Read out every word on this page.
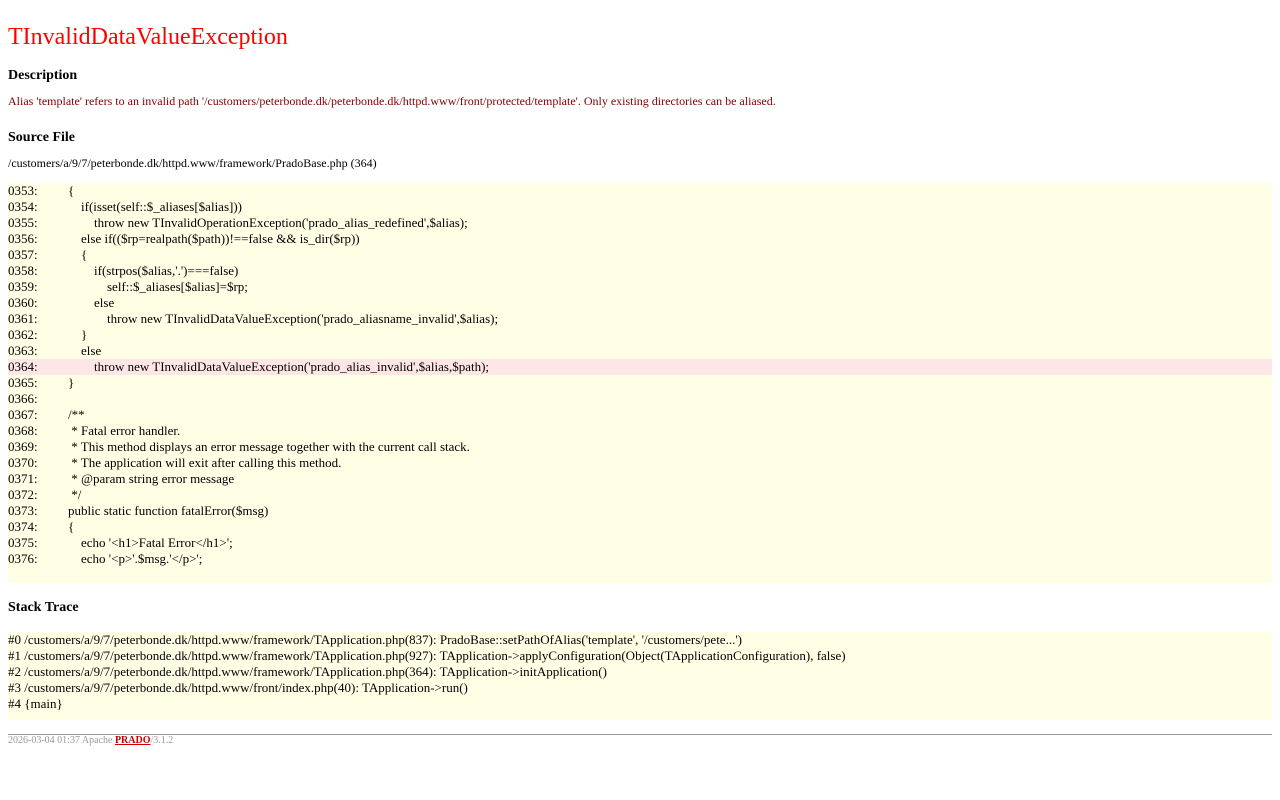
TInvalidDataValueException
Description
Alias 'template' refers to an invalid path '/customers/peterbonde.dk/peterbonde.dk/httpd.www/front/protected/template'. Only existing directories can be aliased.
Source File
/customers/a/9/7/peterbonde.dk/httpd.www/framework/PradoBase.php (364)
0353:    {
0354:        if(isset(self::$_aliases[$alias]))
0355:            throw new TInvalidOperationException('prado_alias_redefined',$alias);
0356:        else if(($rp=realpath($path))!==false && is_dir($rp))
0357:        {
0358:            if(strpos($alias,'.')===false)
0359:                self::$_aliases[$alias]=$rp;
0360:            else
0361:                throw new TInvalidDataValueException('prado_aliasname_invalid',$alias);
0362:        }
0363:        else
0364:            throw new TInvalidDataValueException('prado_alias_invalid',$alias,$path);
0365:    }
0366:
0367:    /**
0368:     * Fatal error handler.
0369:     * This method displays an error message together with the current call stack.
0370:     * The application will exit after calling this method.
0371:     * @param string error message
0372:     */
0373:    public static function fatalError($msg)
0374:    {
0375:        echo '<h1>Fatal Error</h1>';
0376:        echo '<p>'.$msg.'</p>';
Stack Trace
#0 /customers/a/9/7/peterbonde.dk/httpd.www/framework/TApplication.php(837): PradoBase::setPathOfAlias('template', '/customers/pete...')
#1 /customers/a/9/7/peterbonde.dk/httpd.www/framework/TApplication.php(927): TApplication->applyConfiguration(Object(TApplicationConfiguration), false)
#2 /customers/a/9/7/peterbonde.dk/httpd.www/framework/TApplication.php(364): TApplication->initApplication()
#3 /customers/a/9/7/peterbonde.dk/httpd.www/front/index.php(40): TApplication->run()
#4 {main}
2026-03-04 01:37 Apache PRADO/3.1.2
